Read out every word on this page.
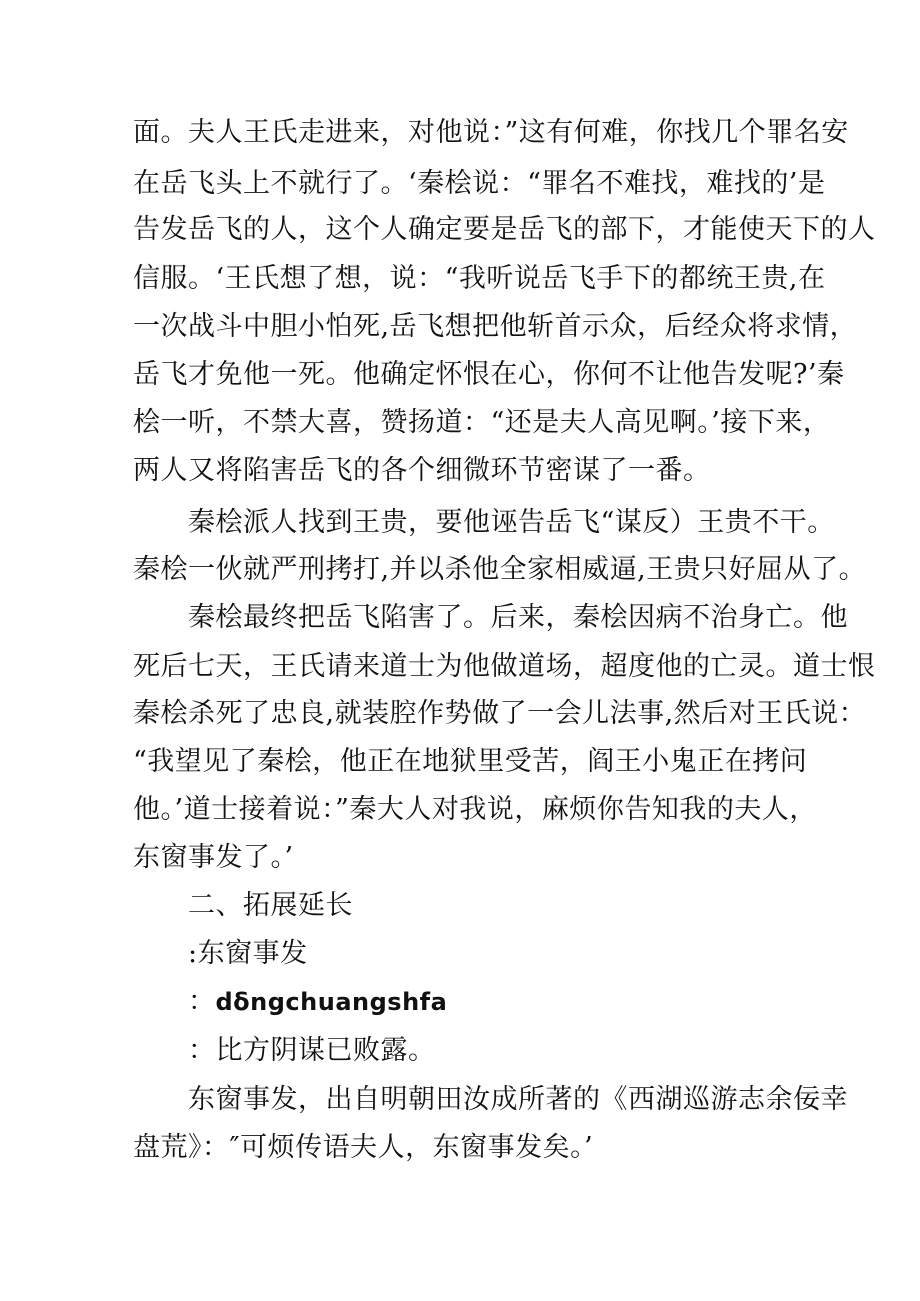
面。夫人王氏走进来，对他说：”这有何难，你找几个罪名安
在岳飞头上不就行了。‘秦桧说：“罪名不难找，难找的’是
告发岳飞的人，这个人确定要是岳飞的部下，才能使天下的人
信服。‘王氏想了想，说：“我听说岳飞手下的都统王贵,在
一次战斗中胆小怕死,岳飞想把他斩首示众，后经众将求情，
岳飞才免他一死。他确定怀恨在心，你何不让他告发呢?’秦
桧一听，不禁大喜，赞扬道：“还是夫人高见啊。’接下来，
两人又将陷害岳飞的各个细微环节密谋了一番。
秦桧派人找到王贵，要他诬告岳飞“谋反）王贵不干。
秦桧一伙就严刑拷打,并以杀他全家相威逼,王贵只好屈从了。
秦桧最终把岳飞陷害了。后来，秦桧因病不治身亡。他
死后七天，王氏请来道士为他做道场，超度他的亡灵。道士恨
秦桧杀死了忠良,就装腔作势做了一会儿法事,然后对王氏说：
“我望见了秦桧，他正在地狱里受苦，阎王小鬼正在拷问
他。’道士接着说：”秦大人对我说，麻烦你告知我的夫人，
东窗事发了。’
二、拓展延长
:东窗事发
：dδngchuangshfa
：比方阴谋已败露。
东窗事发，出自明朝田汝成所著的《西湖巡游志余佞幸
盘荒》：″可烦传语夫人，东窗事发矣。’
